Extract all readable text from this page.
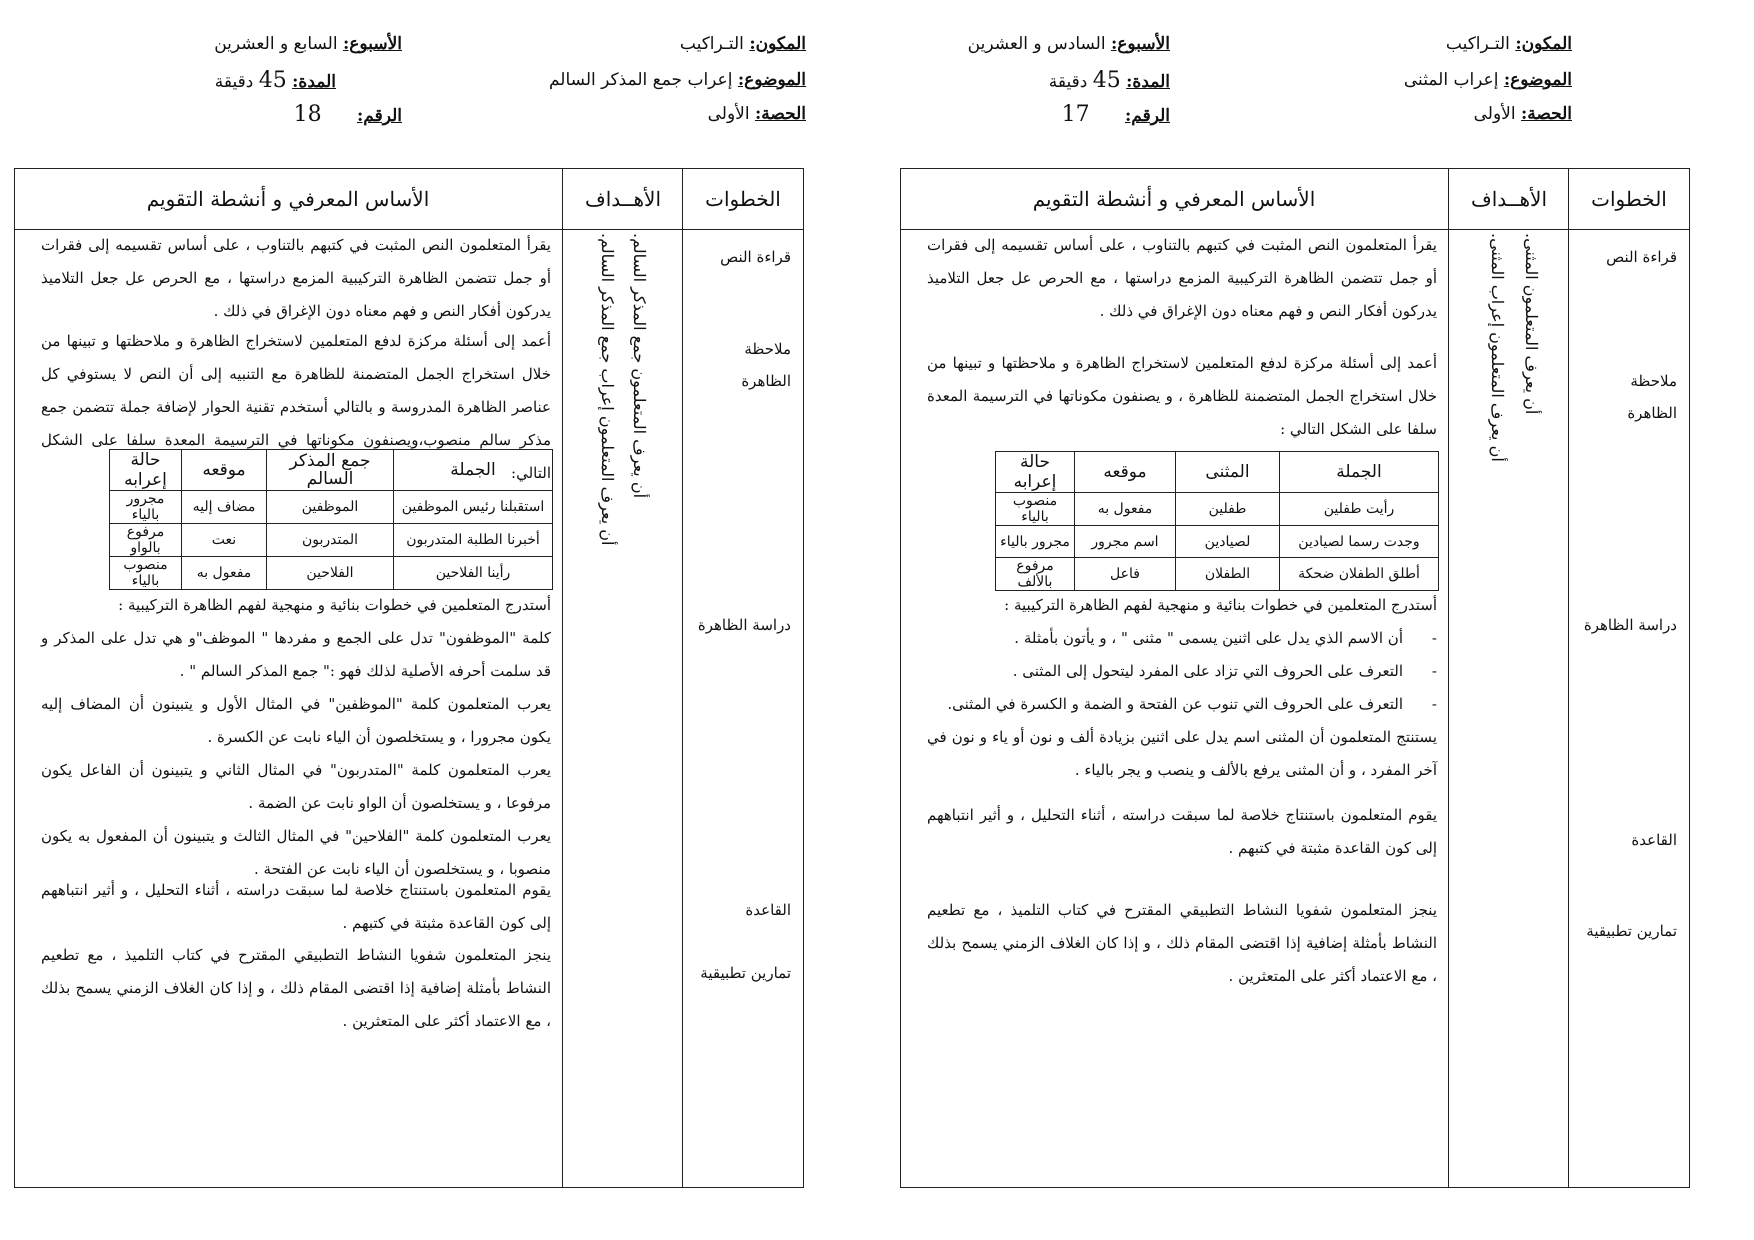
المكون: التـراكيب
الموضوع: إعراب المثنى
الحصة: الأولى
الأسبوع: السادس و العشرين
المدة: 45 دقيقة
الرقم: 17
الخطوات
الأهــداف
الأساس المعرفي و أنشطة التقويم
قراءة النص
ملاحظة
الظاهرة
دراسة الظاهرة
القاعدة
تمارين تطبيقية
أن يعرف المتعلمون المثنى.
أن يعرف المتعلمون إعراب المثنى.

يقرأ المتعلمون النص المثبت في كتبهم بالتناوب ، على أساس تقسيمه إلى فقرات أو جمل تتضمن الظاهرة التركيبية المزمع دراستها ، مع الحرص عل جعل التلاميذ يدركون أفكار النص و فهم معناه دون الإغراق في ذلك .

أعمد إلى أسئلة مركزة لدفع المتعلمين لاستخراج الظاهرة و ملاحظتها و تبينها من خلال استخراج الجمل المتضمنة للظاهرة ، و يصنفون مكوناتها في الترسيمة المعدة سلفا على الشكل التالي :

الجملة	المثنى	موقعه	حالة إعرابه
رأيت طفلين	طفلين	مفعول به	منصوب بالياء
وجدت رسما لصيادين	لصيادين	اسم مجرور	مجرور بالياء
أطلق الطفلان ضحكة	الطفلان	فاعل	مرفوع بالألف

أستدرج المتعلمين في خطوات بنائية و منهجية لفهم الظاهرة التركيبية :

- أن الاسم الذي يدل على اثنين يسمى " مثنى " ، و يأتون بأمثلة .

- التعرف على الحروف التي تزاد على المفرد ليتحول إلى المثنى .

- التعرف على الحروف التي تنوب عن الفتحة و الضمة و الكسرة في المثنى.

يستنتج المتعلمون أن المثنى اسم يدل على اثنين بزيادة ألف و نون أو ياء و نون في آخر المفرد ، و أن المثنى يرفع بالألف و ينصب و يجر بالياء .

يقوم المتعلمون باستنتاج خلاصة لما سبقت دراسته ، أثناء التحليل ، و أثير انتباههم إلى كون القاعدة مثبتة في كتبهم .

ينجز المتعلمون شفويا النشاط التطبيقي المقترح في كتاب التلميذ ، مع تطعيم النشاط بأمثلة إضافية إذا اقتضى المقام ذلك ، و إذا كان الغلاف الزمني يسمح بذلك ، مع الاعتماد أكثر على المتعثرين .

المكون: التـراكيب
الموضوع: إعراب جمع المذكر السالم
الحصة: الأولى
الأسبوع: السابع و العشرين
المدة: 45 دقيقة
الرقم: 18
الخطوات
الأهــداف
الأساس المعرفي و أنشطة التقويم
قراءة النص
ملاحظة
الظاهرة
دراسة الظاهرة
القاعدة
تمارين تطبيقية
أن يعرف المتعلمون جمع المذكر السالم.
أن يعرف المتعلمون إعراب جمع المذكر السالم.

يقرأ المتعلمون النص المثبت في كتبهم بالتناوب ، على أساس تقسيمه إلى فقرات أو جمل تتضمن الظاهرة التركيبية المزمع دراستها ، مع الحرص عل جعل التلاميذ يدركون أفكار النص و فهم معناه دون الإغراق في ذلك .

أعمد إلى أسئلة مركزة لدفع المتعلمين لاستخراج الظاهرة و ملاحظتها و تبينها من خلال استخراج الجمل المتضمنة للظاهرة مع التنبيه إلى أن النص لا يستوفي كل عناصر الظاهرة المدروسة و بالتالي أستخدم تقنية الحوار لإضافة جملة تتضمن جمع مذكر سالم منصوب،ويصنفون مكوناتها في الترسيمة المعدة سلفا على الشكل التالي:

الجملة	جمع المذكر السالم	موقعه	حالة إعرابه
استقبلنا رئيس الموظفين	الموظفين	مضاف إليه	مجرور بالياء
أخبرنا الطلبة المتدربون	المتدربون	نعت	مرفوع بالواو
رأينا الفلاحين	الفلاحين	مفعول به	منصوب بالياء

أستدرج المتعلمين في خطوات بنائية و منهجية لفهم الظاهرة التركيبية :

كلمة "الموظفون" تدل على الجمع و مفردها " الموظف"و هي تدل على المذكر و قد سلمت أحرفه الأصلية لذلك فهو :" جمع المذكر السالم " .

يعرب المتعلمون كلمة "الموظفين" في المثال الأول و يتبينون أن المضاف إليه يكون مجرورا ، و يستخلصون أن الياء نابت عن الكسرة .

يعرب المتعلمون كلمة "المتدربون" في المثال الثاني و يتبينون أن الفاعل يكون مرفوعا ، و يستخلصون أن الواو نابت عن الضمة .

يعرب المتعلمون كلمة "الفلاحين" في المثال الثالث و يتبينون أن المفعول به يكون منصوبا ، و يستخلصون أن الياء نابت عن الفتحة .

يقوم المتعلمون باستنتاج خلاصة لما سبقت دراسته ، أثناء التحليل ، و أثير انتباههم إلى كون القاعدة مثبتة في كتبهم .

ينجز المتعلمون شفويا النشاط التطبيقي المقترح في كتاب التلميذ ، مع تطعيم النشاط بأمثلة إضافية إذا اقتضى المقام ذلك ، و إذا كان الغلاف الزمني يسمح بذلك ، مع الاعتماد أكثر على المتعثرين .
